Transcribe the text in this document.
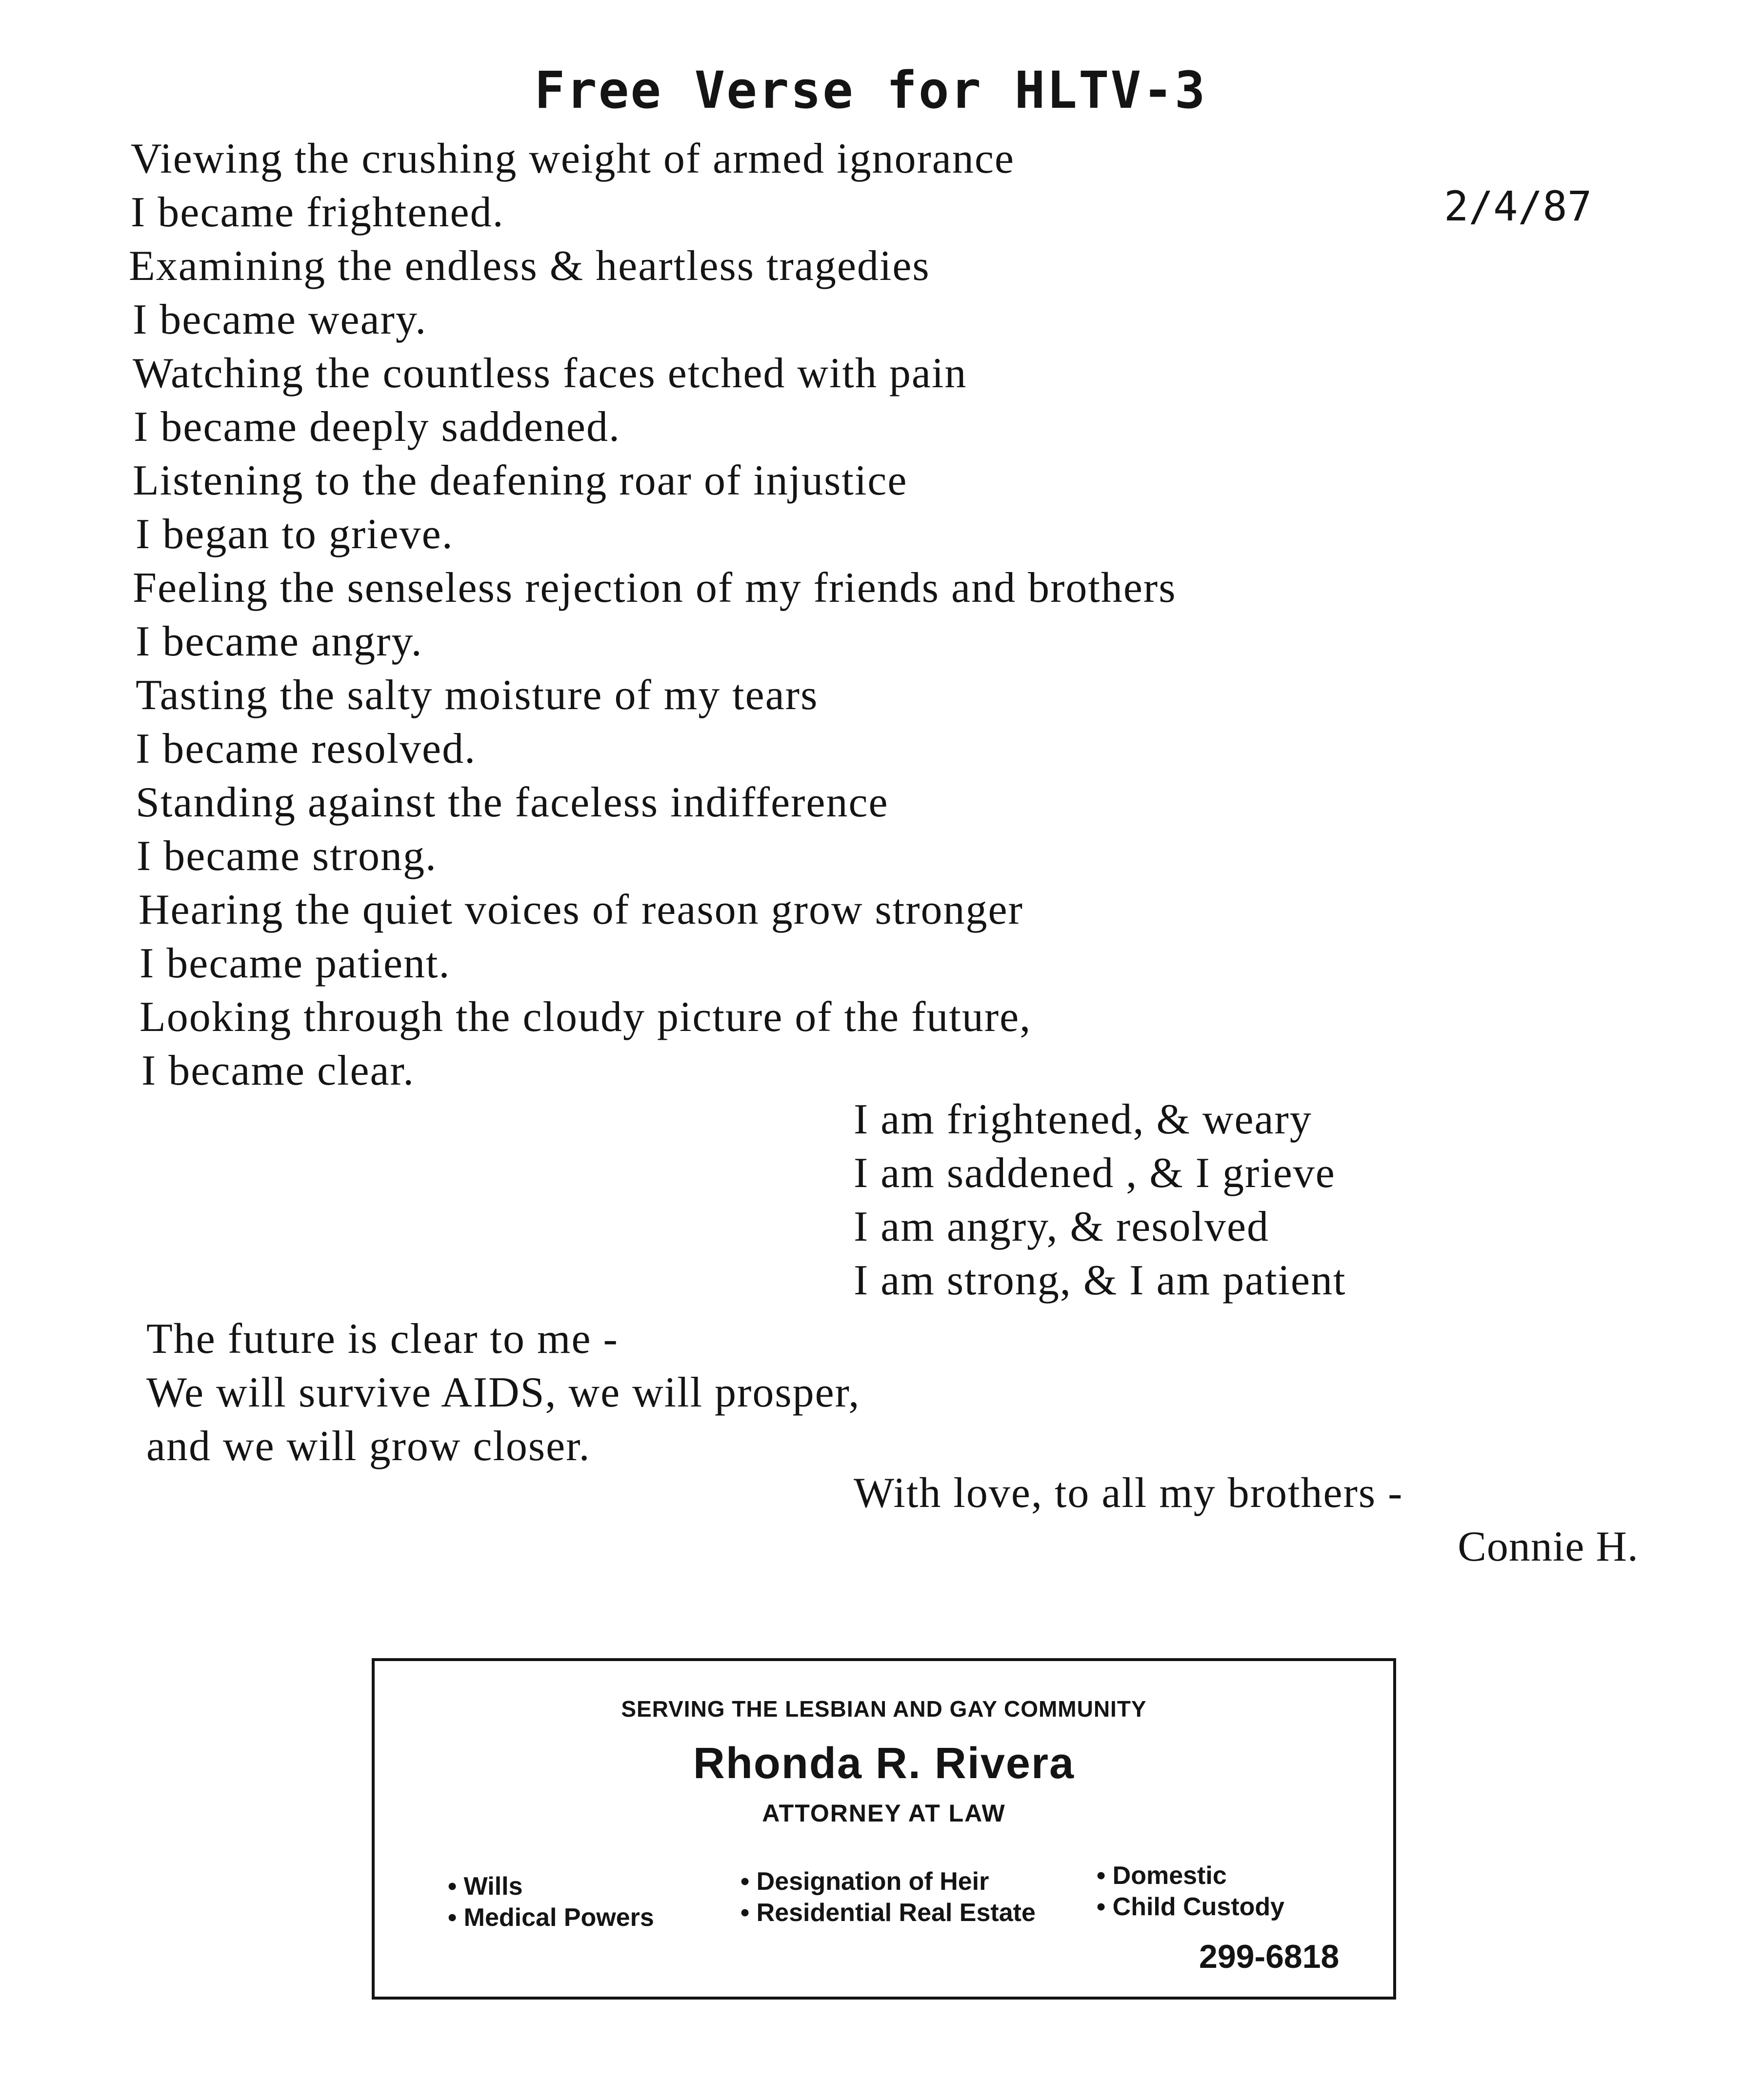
Free Verse for HLTV-3
2/4/87
Viewing the crushing weight of armed ignorance
I became frightened.
Examining the endless & heartless tragedies
I became weary.
Watching the countless faces etched with pain
I became deeply saddened.
Listening to the deafening roar of injustice
I began to grieve.
Feeling the senseless rejection of my friends and brothers
I became angry.
Tasting the salty moisture of my tears
I became resolved.
Standing against the faceless indifference
I became strong.
Hearing the quiet voices of reason grow stronger
I became patient.
Looking through the cloudy picture of the future,
I became clear.
I am frightened, & weary
I am saddened , & I grieve
I am angry, & resolved
I am strong, & I am patient
The future is clear to me -
We will survive AIDS, we will prosper,
and we will grow closer.
With love, to all my brothers -
Connie H.
SERVING THE LESBIAN AND GAY COMMUNITY
Rhonda R. Rivera
ATTORNEY AT LAW
• Wills
• Medical Powers
• Designation of Heir
• Residential Real Estate
• Domestic
• Child Custody
299-6818
